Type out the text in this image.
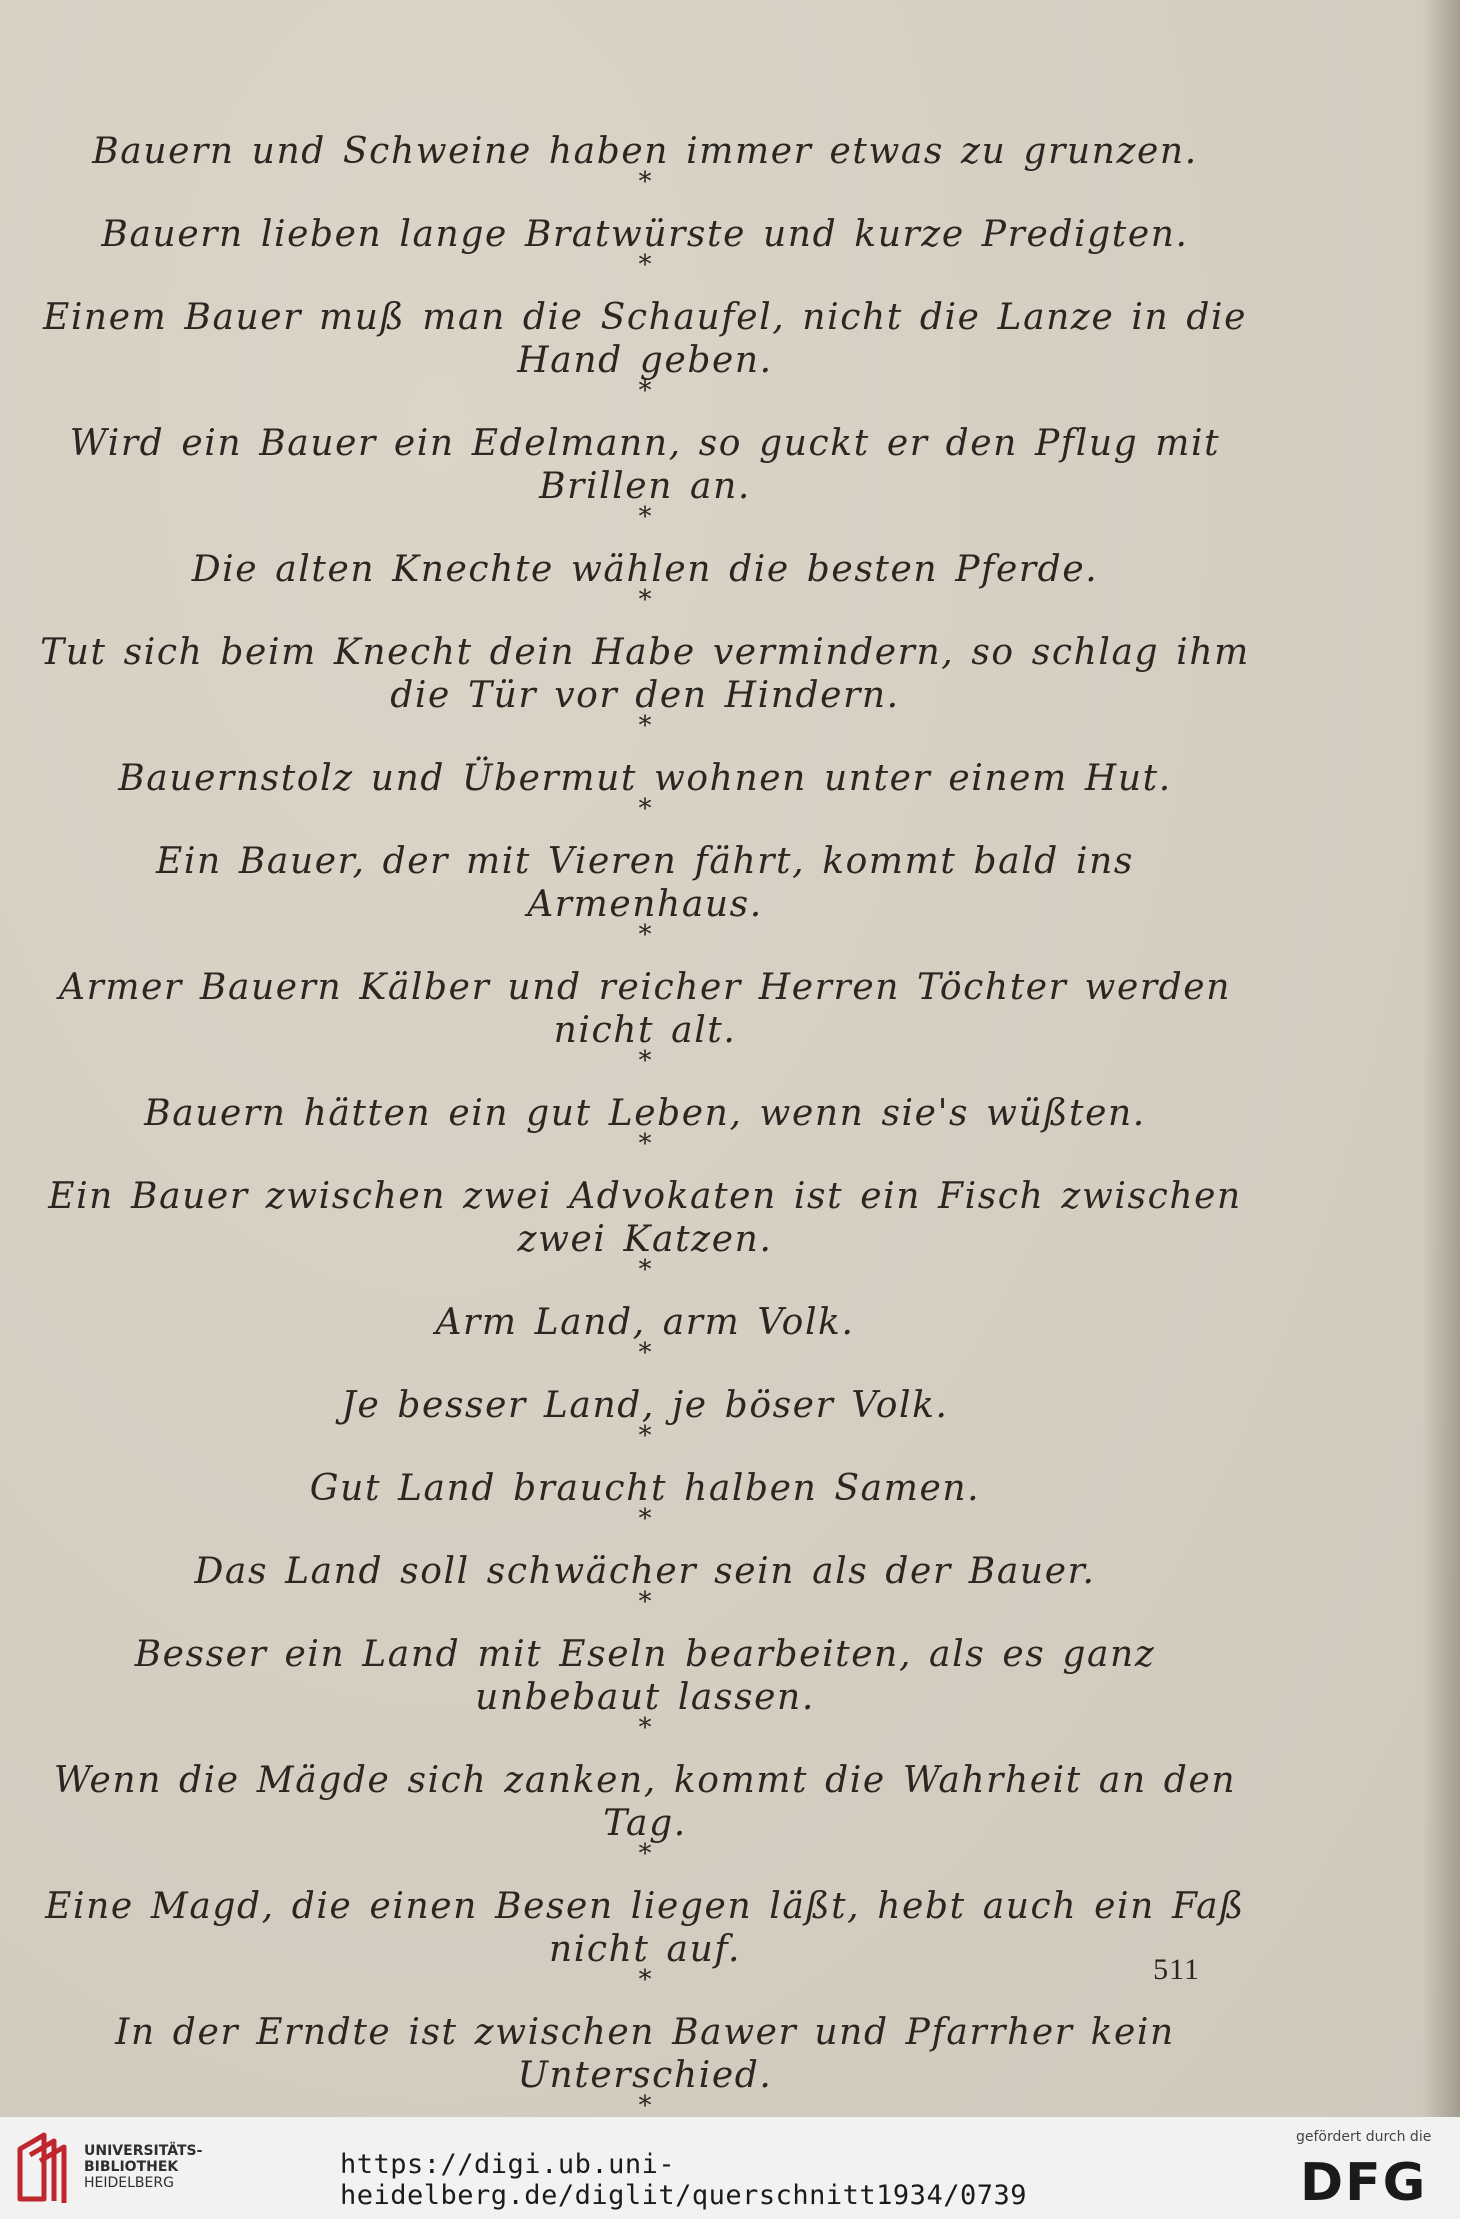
Bauern und Schweine haben immer etwas zu grunzen.

*

Bauern lieben lange Bratwürste und kurze Predigten.

*

Einem Bauer muß man die Schaufel, nicht die Lanze in die Hand geben.

*

Wird ein Bauer ein Edelmann, so guckt er den Pflug mit Brillen an.

*

Die alten Knechte wählen die besten Pferde.

*

Tut sich beim Knecht dein Habe vermindern, so schlag ihm die Tür vor den Hindern.

*

Bauernstolz und Übermut wohnen unter einem Hut.

*

Ein Bauer, der mit Vieren fährt, kommt bald ins Armenhaus.

*

Armer Bauern Kälber und reicher Herren Töchter werden nicht alt.

*

Bauern hätten ein gut Leben, wenn sie's wüßten.

*

Ein Bauer zwischen zwei Advokaten ist ein Fisch zwischen zwei Katzen.

*

Arm Land, arm Volk.

*

Je besser Land, je böser Volk.

*

Gut Land braucht halben Samen.

*

Das Land soll schwächer sein als der Bauer.

*

Besser ein Land mit Eseln bearbeiten, als es ganz unbebaut lassen.

*

Wenn die Mägde sich zanken, kommt die Wahrheit an den Tag.

*

Eine Magd, die einen Besen liegen läßt, hebt auch ein Faß nicht auf.

*

In der Erndte ist zwischen Bawer und Pfarrher kein Unterschied.

*

511
UNIVERSITÄTS-
BIBLIOTHEK
HEIDELBERG
https://digi.ub.uni-heidelberg.de/diglit/querschnitt1934/0739
gefördert durch die
DFG
